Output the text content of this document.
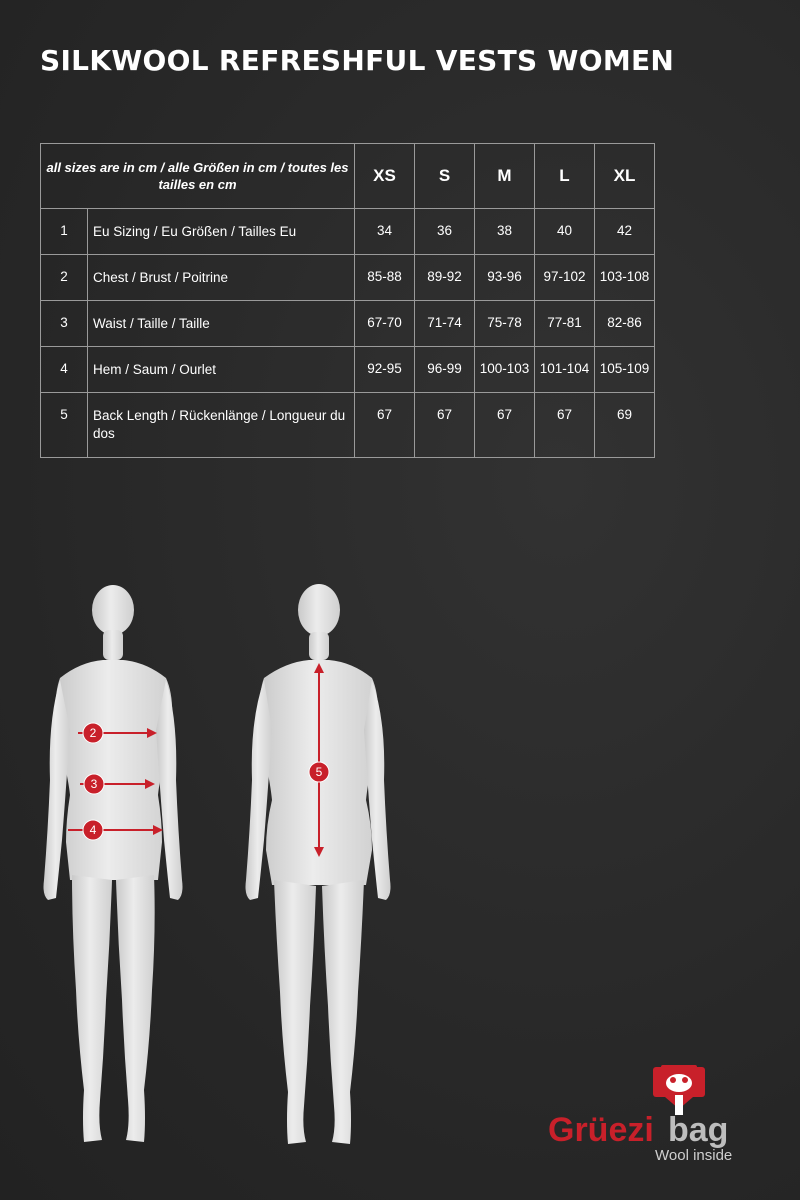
SILKWOOL REFRESHFUL VESTS WOMEN
all sizes are in cm / alle Größen in cm / toutes les tailles en cm		XS	S	M	L	XL
1	Eu Sizing / Eu Größen / Tailles Eu	34	36	38	40	42
2	Chest / Brust / Poitrine	85-88	89-92	93-96	97-102	103-108
3	Waist / Taille / Taille	67-70	71-74	75-78	77-81	82-86
4	Hem / Saum / Ourlet	92-95	96-99	100-103	101-104	105-109
5	Back Length / Rückenlänge / Longueur du dos	67	67	67	67	69
2
3
4
5
Grüezi bag
Wool inside
